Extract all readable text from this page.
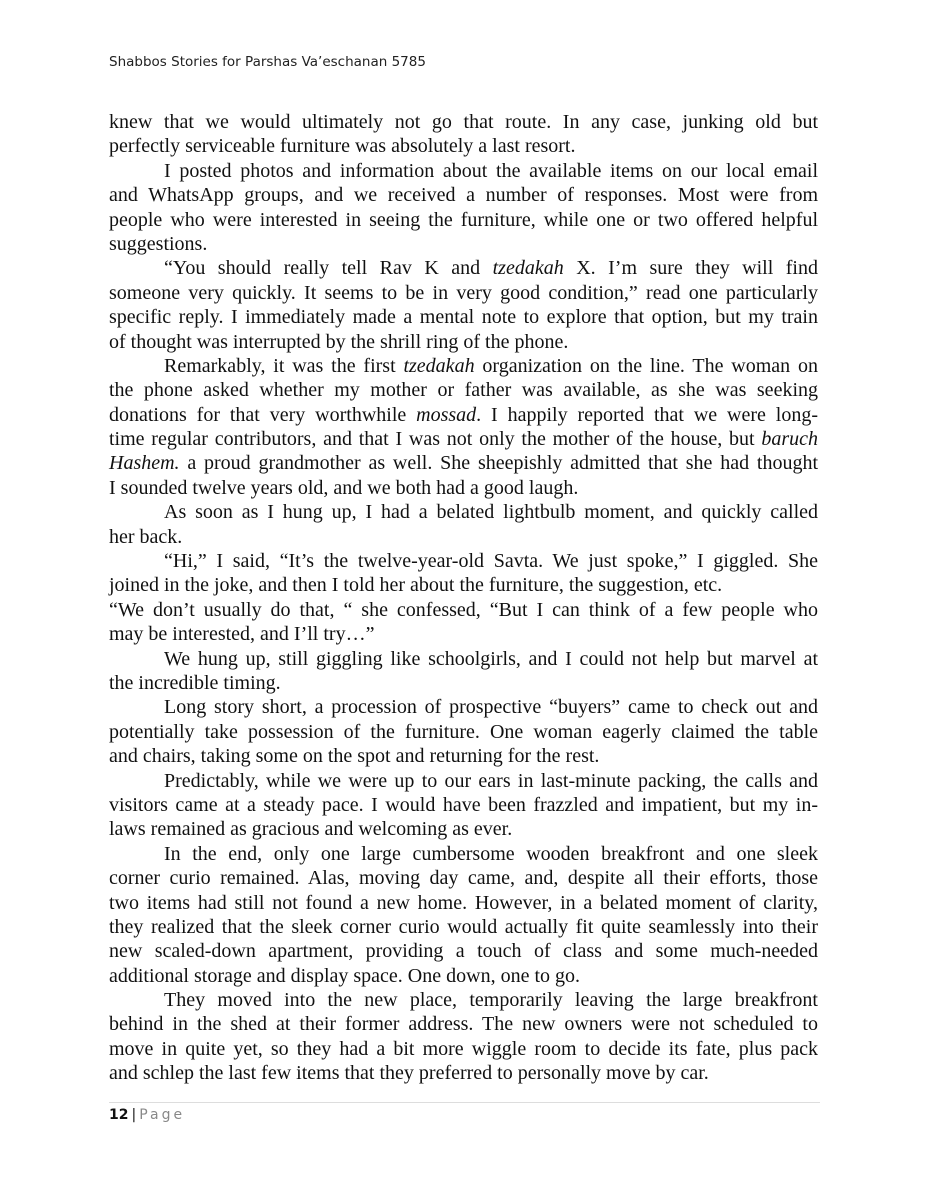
Shabbos Stories for Parshas Va’eschanan 5785
knew that we would ultimately not go that route. In any case, junking old but
perfectly serviceable furniture was absolutely a last resort.
I posted photos and information about the available items on our local email
and WhatsApp groups, and we received a number of responses. Most were from
people who were interested in seeing the furniture, while one or two offered helpful
suggestions.
“You should really tell Rav K and tzedakah X. I’m sure they will find
someone very quickly. It seems to be in very good condition,” read one particularly
specific reply. I immediately made a mental note to explore that option, but my train
of thought was interrupted by the shrill ring of the phone.
Remarkably, it was the first tzedakah organization on the line. The woman on
the phone asked whether my mother or father was available, as she was seeking
donations for that very worthwhile mossad. I happily reported that we were long-
time regular contributors, and that I was not only the mother of the house, but baruch
Hashem. a proud grandmother as well. She sheepishly admitted that she had thought
I sounded twelve years old, and we both had a good laugh.
As soon as I hung up, I had a belated lightbulb moment, and quickly called
her back.
“Hi,” I said, “It’s the twelve-year-old Savta. We just spoke,” I giggled. She
joined in the joke, and then I told her about the furniture, the suggestion, etc.
“We don’t usually do that, “ she confessed, “But I can think of a few people who
may be interested, and I’ll try…”
We hung up, still giggling like schoolgirls, and I could not help but marvel at
the incredible timing.
Long story short, a procession of prospective “buyers” came to check out and
potentially take possession of the furniture. One woman eagerly claimed the table
and chairs, taking some on the spot and returning for the rest.
Predictably, while we were up to our ears in last-minute packing, the calls and
visitors came at a steady pace. I would have been frazzled and impatient, but my in-
laws remained as gracious and welcoming as ever.
In the end, only one large cumbersome wooden breakfront and one sleek
corner curio remained. Alas, moving day came, and, despite all their efforts, those
two items had still not found a new home. However, in a belated moment of clarity,
they realized that the sleek corner curio would actually fit quite seamlessly into their
new scaled-down apartment, providing a touch of class and some much-needed
additional storage and display space. One down, one to go.
They moved into the new place, temporarily leaving the large breakfront
behind in the shed at their former address. The new owners were not scheduled to
move in quite yet, so they had a bit more wiggle room to decide its fate, plus pack
and schlep the last few items that they preferred to personally move by car.
12 | Page
